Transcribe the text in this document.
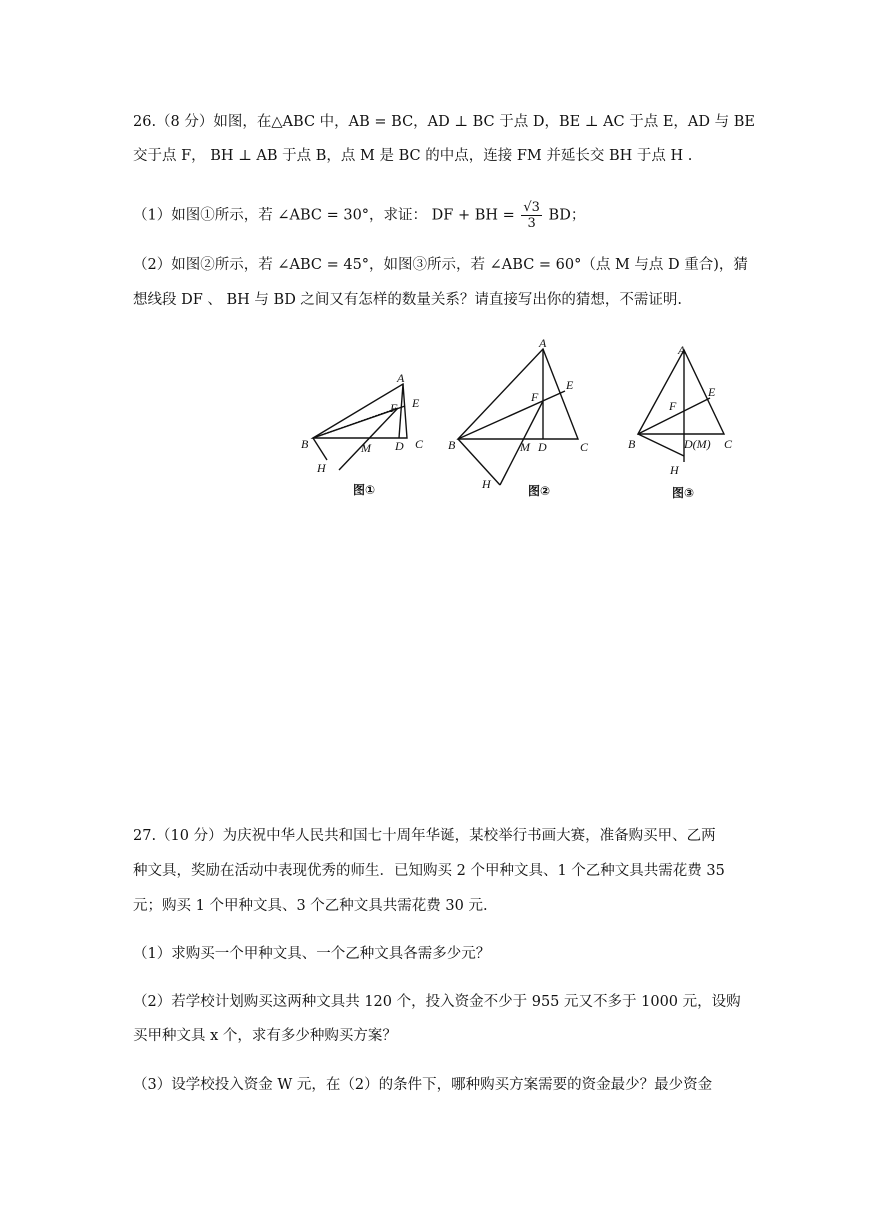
26.（8 分）如图，在△ABC 中，AB = BC，AD ⊥ BC 于点 D，BE ⊥ AC 于点 E，AD 与 BE
交于点 F， BH ⊥ AB 于点 B，点 M 是 BC 的中点，连接 FM 并延长交 BH 于点 H .
（1）如图①所示，若 ∠ABC = 30°，求证： DF + BH = $\frac{√3}{3}$ BD；
（2）如图②所示，若 ∠ABC = 45°，如图③所示，若 ∠ABC = 60°（点 M 与点 D 重合)，猜
想线段 DF 、 BH 与 BD 之间又有怎样的数量关系？请直接写出你的猜想，不需证明.
A
E
F
B	M D C
H
图①
A
E
F
B	M D	C
H	图②
A
E
F
B	D(M) C
H
图③
27.（10 分）为庆祝中华人民共和国七十周年华诞，某校举行书画大赛，准备购买甲、乙两
种文具，奖励在活动中表现优秀的师生．已知购买 2 个甲种文具、1 个乙种文具共需花费 35
元；购买 1 个甲种文具、3 个乙种文具共需花费 30 元.
（1）求购买一个甲种文具、一个乙种文具各需多少元？
（2）若学校计划购买这两种文具共 120 个，投入资金不少于 955 元又不多于 1000 元，设购
买甲种文具 x 个，求有多少种购买方案？
（3）设学校投入资金 W 元，在（2）的条件下，哪种购买方案需要的资金最少？最少资金
